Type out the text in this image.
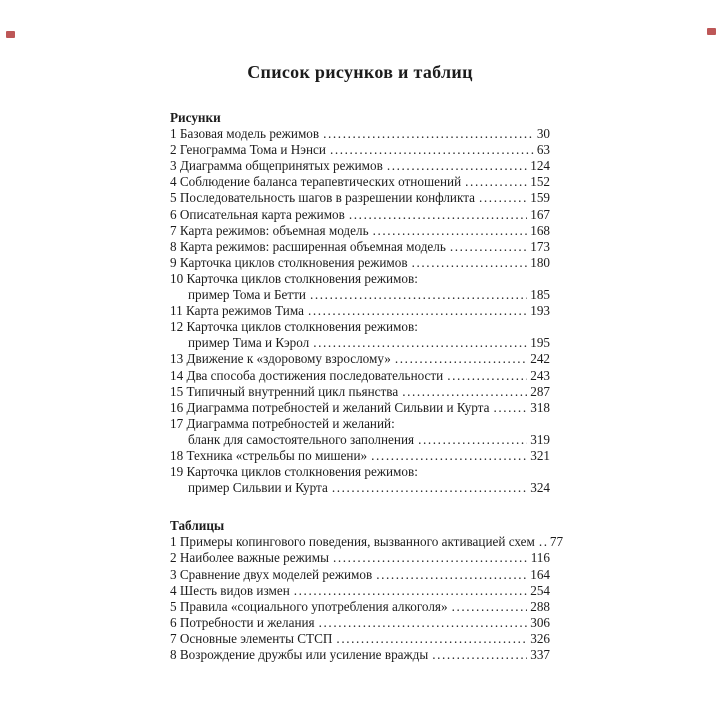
Список рисунков и таблиц
Рисунки
1 Базовая модель режимов .....	30
2 Генограмма Тома и Нэнси .....	63
3 Диаграмма общепринятых режимов .....	124
4 Соблюдение баланса терапевтических отношений .....	152
5 Последовательность шагов в разрешении конфликта .....	159
6 Описательная карта режимов .....	167
7 Карта режимов: объемная модель .....	168
8 Карта режимов: расширенная объемная модель .....	173
9 Карточка циклов столкновения режимов .....	180
10 Карточка циклов столкновения режимов:
пример Тома и Бетти .....	185
11 Карта режимов Тима .....	193
12 Карточка циклов столкновения режимов:
пример Тима и Кэрол .....	195
13 Движение к «здоровому взрослому» .....	242
14 Два способа достижения последовательности .....	243
15 Типичный внутренний цикл пьянства .....	287
16 Диаграмма потребностей и желаний Сильвии и Курта .....	318
17 Диаграмма потребностей и желаний:
бланк для самостоятельного заполнения .....	319
18 Техника «стрельбы по мишени» .....	321
19 Карточка циклов столкновения режимов:
пример Сильвии и Курта .....	324
Таблицы
1 Примеры копингового поведения, вызванного активацией схем ..... 77
2 Наиболее важные режимы .....	116
3 Сравнение двух моделей режимов .....	164
4 Шесть видов измен .....	254
5 Правила «социального употребления алкоголя» .....	288
6 Потребности и желания .....	306
7 Основные элементы СТСП .....	326
8 Возрождение дружбы или усиление вражды .....	337
